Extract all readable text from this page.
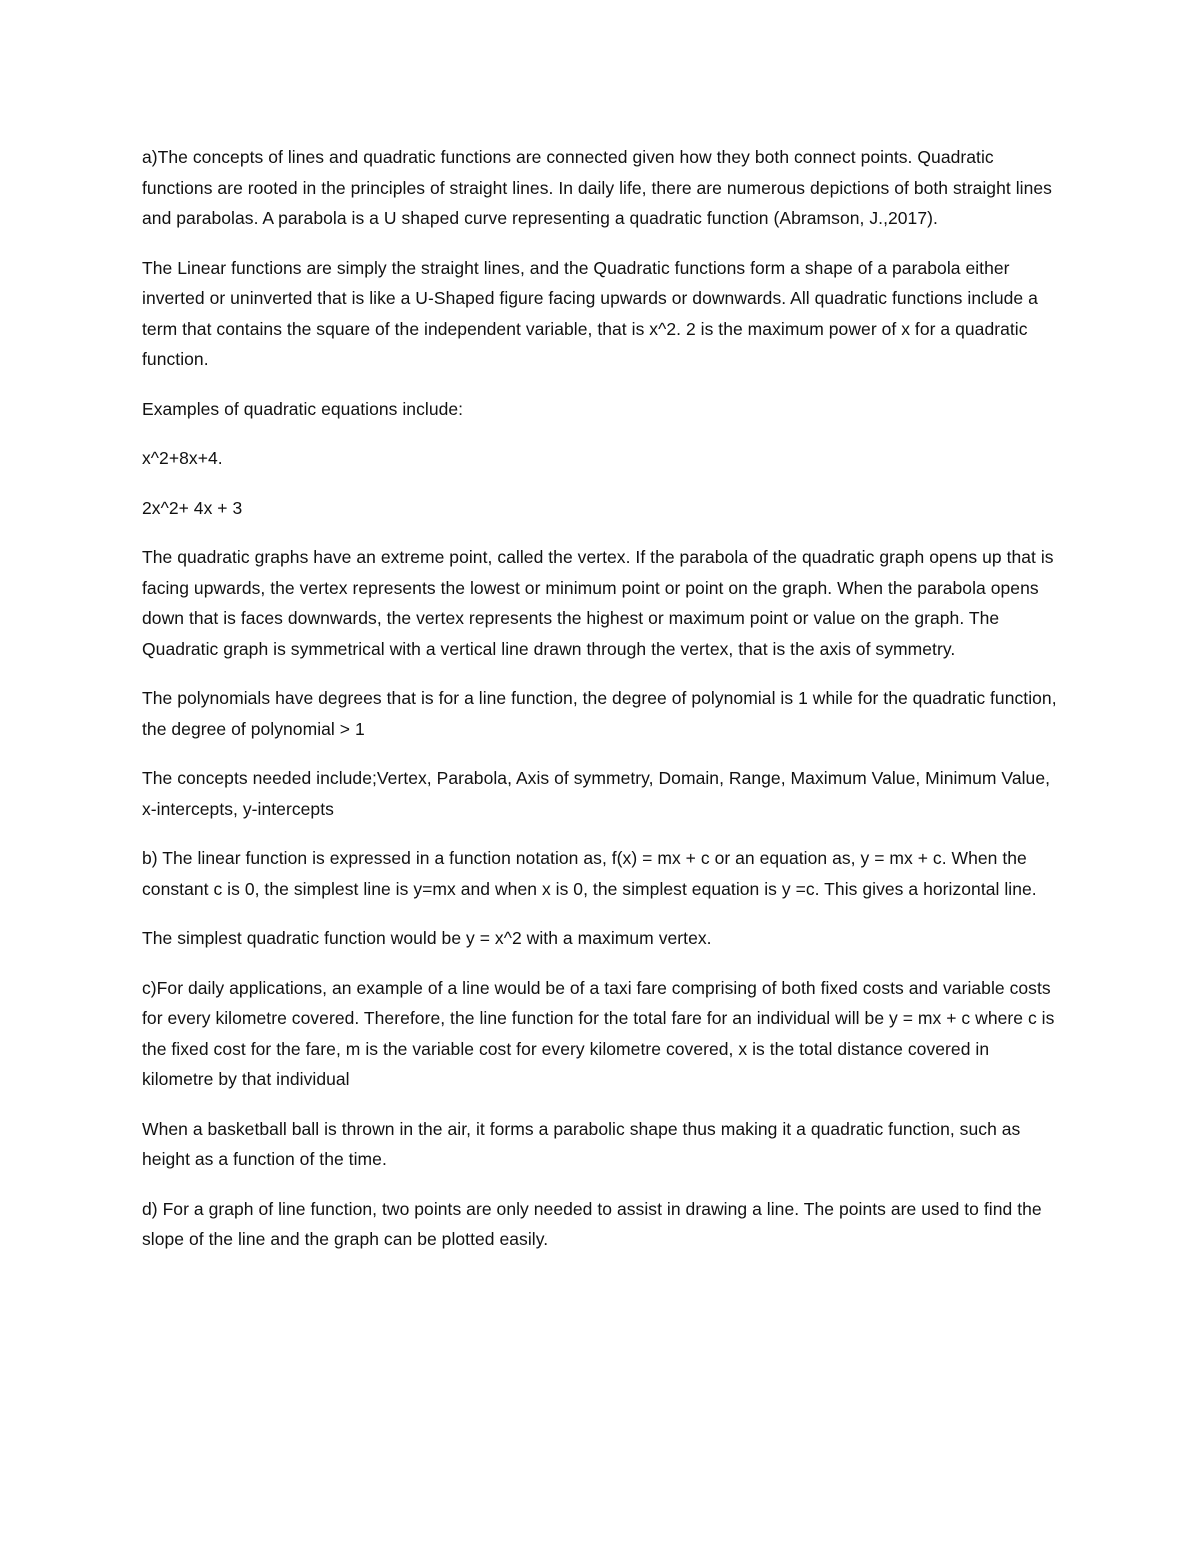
a)The concepts of lines and quadratic functions are connected given how they both connect points. Quadratic functions are rooted in the principles of straight lines. In daily life, there are numerous depictions of both straight lines and parabolas. A parabola is a U shaped curve representing a quadratic function (Abramson, J.,2017).

The Linear functions are simply the straight lines, and the Quadratic functions form a shape of a parabola either inverted or uninverted that is like a U-Shaped figure facing upwards or downwards. All quadratic functions include a term that contains the square of the independent variable, that is x^2. 2 is the maximum power of x for a quadratic function.

Examples of quadratic equations include:

x^2+8x+4.

2x^2+ 4x + 3

The quadratic graphs have an extreme point, called the vertex. If the parabola of the quadratic graph opens up that is facing upwards, the vertex represents the lowest or minimum point or point on the graph. When the parabola opens down that is faces downwards, the vertex represents the highest or maximum point or value on the graph. The Quadratic graph is symmetrical with a vertical line drawn through the vertex, that is the axis of symmetry.

The polynomials have degrees that is for a line function, the degree of polynomial is 1 while for the quadratic function, the degree of polynomial > 1

The concepts needed include;Vertex, Parabola, Axis of symmetry, Domain, Range, Maximum Value, Minimum Value, x-intercepts, y-intercepts

b) The linear function is expressed in a function notation as, f(x) = mx + c or an equation as, y = mx + c. When the constant c is 0, the simplest line is y=mx and when x is 0, the simplest equation is y =c. This gives a horizontal line.

The simplest quadratic function would be y = x^2 with a maximum vertex.

c)For daily applications, an example of a line would be of a taxi fare comprising of both fixed costs and variable costs for every kilometre covered. Therefore, the line function for the total fare for an individual will be y = mx + c where c is the fixed cost for the fare, m is the variable cost for every kilometre covered, x is the total distance covered in kilometre by that individual

When a basketball ball is thrown in the air, it forms a parabolic shape thus making it a quadratic function, such as height as a function of the time.

d) For a graph of line function, two points are only needed to assist in drawing a line. The points are used to find the slope of the line and the graph can be plotted easily.
